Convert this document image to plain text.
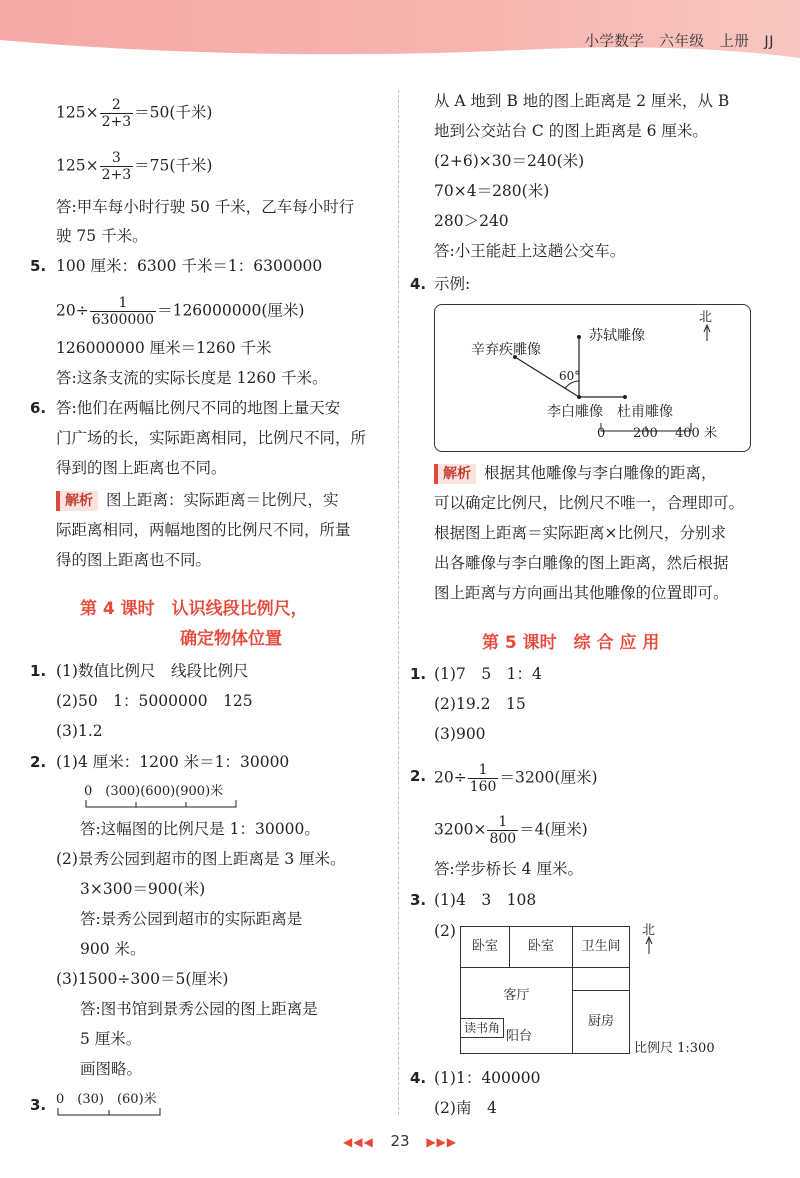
小学数学　六年级　上册　JJ
$125\times \frac{2}{2+3} =50$(千米)
$125\times \frac{3}{2+3} =75$(千米)
答:甲车每小时行驶 50 千米，乙车每小时行
驶 75 千米。
5. 100 厘米：6300 千米＝1：6300000
$20\div \frac{1}{6300000} =126000000$(厘米)
126000000 厘米＝1260 千米
答:这条支流的实际长度是 1260 千米。
6. 答:他们在两幅比例尺不同的地图上量天安
门广场的长，实际距离相同，比例尺不同，所
得到的图上距离也不同。
解析 图上距离：实际距离＝比例尺，实
际距离相同，两幅地图的比例尺不同，所量
得的图上距离也不同。
第 4 课时　认识线段比例尺，
确定物体位置
1. (1)数值比例尺　线段比例尺
(2)50　1：5000000　125
(3)1.2
2. (1)4 厘米：1200 米＝1：30000
0　(300)(600)(900)米
答:这幅图的比例尺是 1：30000。
(2)景秀公园到超市的图上距离是 3 厘米。
3×300＝900(米)
答:景秀公园到超市的实际距离是
900 米。
(3)1500÷300＝5(厘米)
答:图书馆到景秀公园的图上距离是
5 厘米。
画图略。
3. 0　(30)　(60)米
从 A 地到 B 地的图上距离是 2 厘米，从 B
地到公交站台 C 的图上距离是 6 厘米。
(2+6)×30＝240(米)
70×4＝280(米)
280＞240
答:小王能赶上这趟公交车。
4. 示例:
北
苏轼雕像
辛弃疾雕像
60°
李白雕像 杜甫雕像
0 200 400 米
解析 根据其他雕像与李白雕像的距离，
可以确定比例尺，比例尺不唯一，合理即可。
根据图上距离＝实际距离×比例尺，分别求
出各雕像与李白雕像的图上距离，然后根据
图上距离与方向画出其他雕像的位置即可。
第 5 课时　综 合 应 用
1. (1)7　5　1：4
(2)19.2　15
(3)900
2. $20\div \frac{1}{160} =3200$(厘米)
$3200\times \frac{1}{800} =4$(厘米)
答:学步桥长 4 厘米。
3. (1)4　3　108
(2)
卧室	卧室	卫生间
客厅
厨房
读书角
阳台
北
比例尺 1:300
4. (1)1：400000
(2)南　4
◀◀◀ 23 ▶▶▶
